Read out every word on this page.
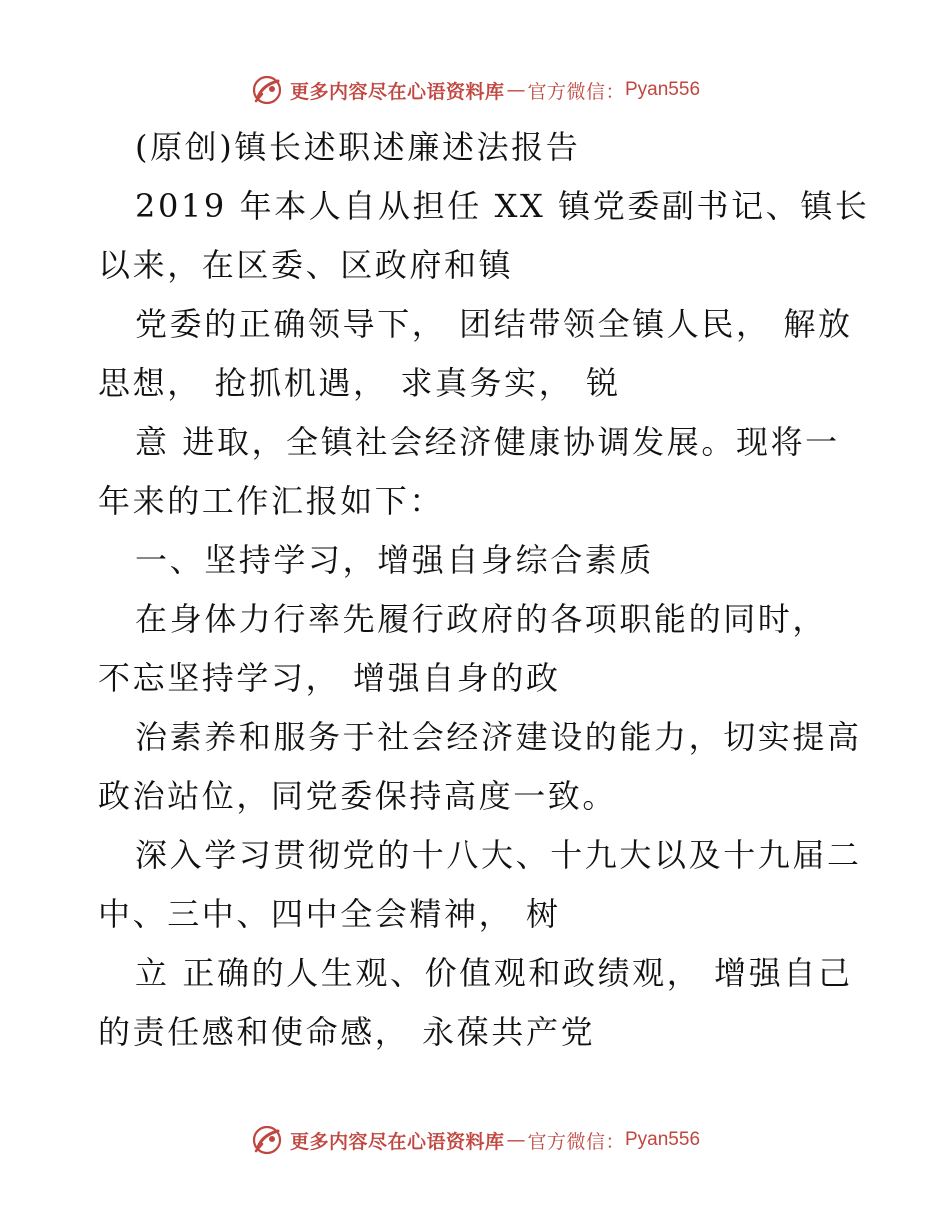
更多内容尽在心语资料库 — 官方微信： Pyan556
(原创)镇长述职述廉述法报告
2019 年本人自从担任 XX 镇党委副书记、镇长
以来，在区委、区政府和镇
党委的正确领导下， 团结带领全镇人民， 解放
思想， 抢抓机遇， 求真务实， 锐
意 进取，全镇社会经济健康协调发展。现将一
年来的工作汇报如下：
一、坚持学习，增强自身综合素质
在身体力行率先履行政府的各项职能的同时，
不忘坚持学习， 增强自身的政
治素养和服务于社会经济建设的能力，切实提高
政治站位，同党委保持高度一致。
深入学习贯彻党的十八大、十九大以及十九届二
中、三中、四中全会精神， 树
立 正确的人生观、价值观和政绩观， 增强自己
的责任感和使命感， 永葆共产党
更多内容尽在心语资料库 — 官方微信： Pyan556
